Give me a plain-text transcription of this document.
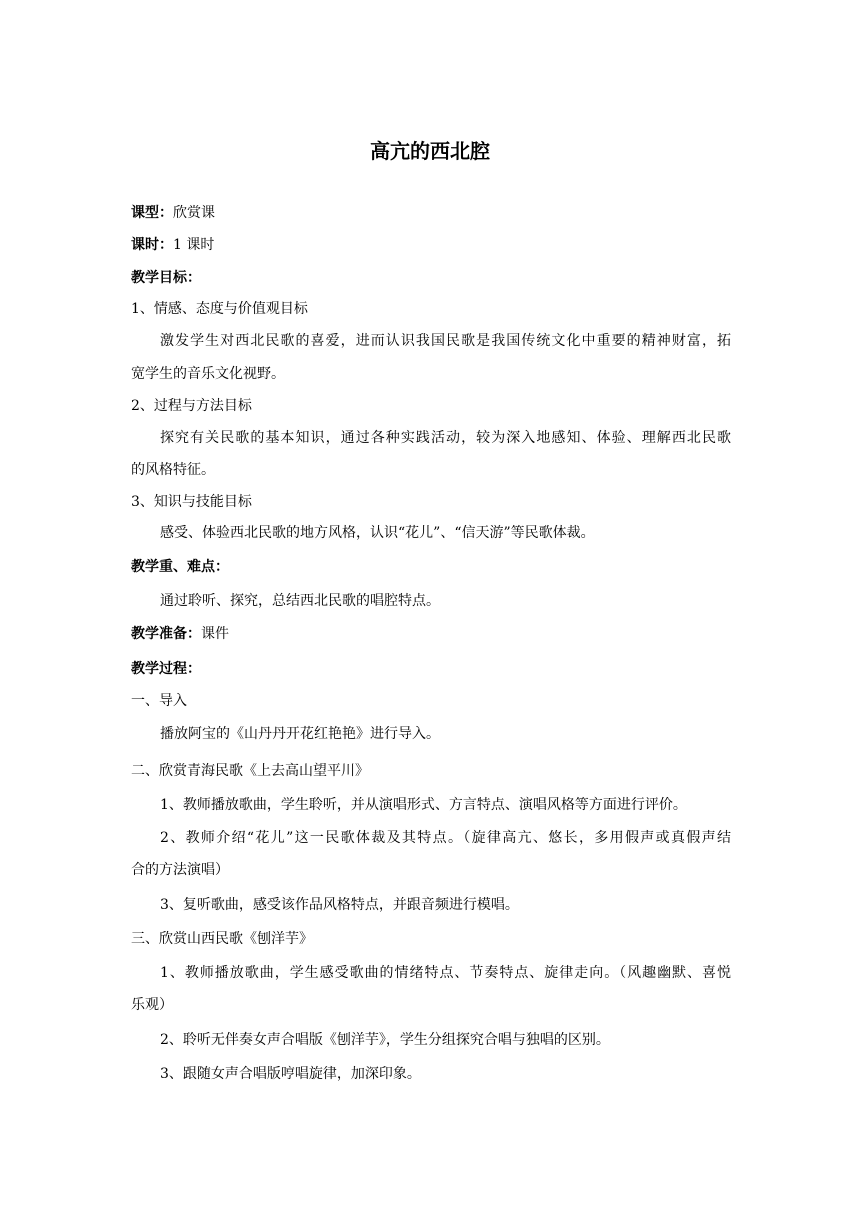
高亢的西北腔
课型：欣赏课
课时：1 课时
教学目标：
1、情感、态度与价值观目标
激发学生对西北民歌的喜爱，进而认识我国民歌是我国传统文化中重要的精神财富，拓
宽学生的音乐文化视野。
2、过程与方法目标
探究有关民歌的基本知识，通过各种实践活动，较为深入地感知、体验、理解西北民歌
的风格特征。
3、知识与技能目标
感受、体验西北民歌的地方风格，认识“花儿”、“信天游”等民歌体裁。
教学重、难点：
通过聆听、探究，总结西北民歌的唱腔特点。
教学准备：课件
教学过程：
一、导入
播放阿宝的《山丹丹开花红艳艳》进行导入。
二、欣赏青海民歌《上去高山望平川》
1、教师播放歌曲，学生聆听，并从演唱形式、方言特点、演唱风格等方面进行评价。
2、教师介绍“花儿”这一民歌体裁及其特点。（旋律高亢、悠长，多用假声或真假声结
合的方法演唱）
3、复听歌曲，感受该作品风格特点，并跟音频进行模唱。
三、欣赏山西民歌《刨洋芋》
1、教师播放歌曲，学生感受歌曲的情绪特点、节奏特点、旋律走向。（风趣幽默、喜悦
乐观）
2、聆听无伴奏女声合唱版《刨洋芋》，学生分组探究合唱与独唱的区别。
3、跟随女声合唱版哼唱旋律，加深印象。
